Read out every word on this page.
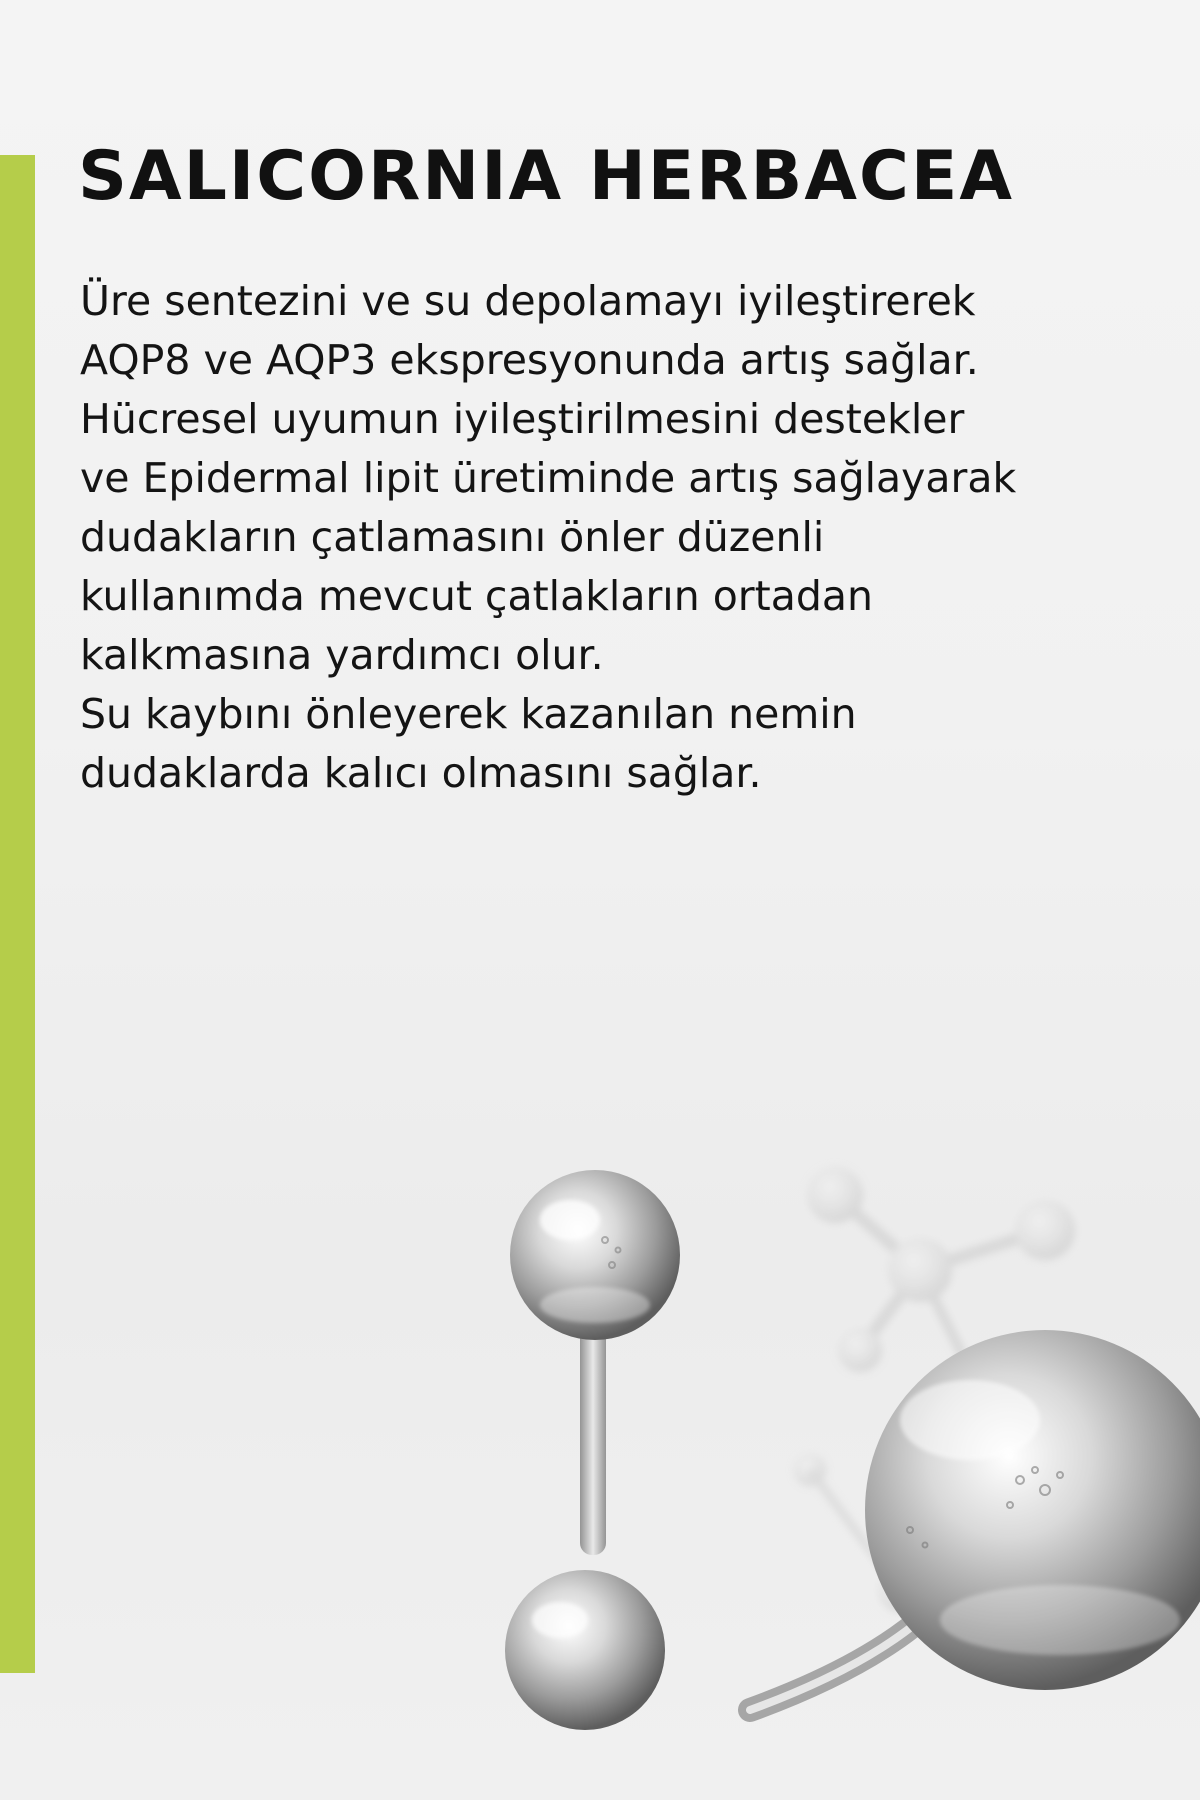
SALICORNIA HERBACEA
Üre sentezini ve su depolamayı iyileştirerek
AQP8 ve AQP3 ekspresyonunda artış sağlar.
Hücresel uyumun iyileştirilmesini destekler
ve Epidermal lipit üretiminde artış sağlayarak
dudakların çatlamasını önler düzenli
kullanımda mevcut çatlakların ortadan
kalkmasına yardımcı olur.
Su kaybını önleyerek kazanılan nemin
dudaklarda kalıcı olmasını sağlar.
